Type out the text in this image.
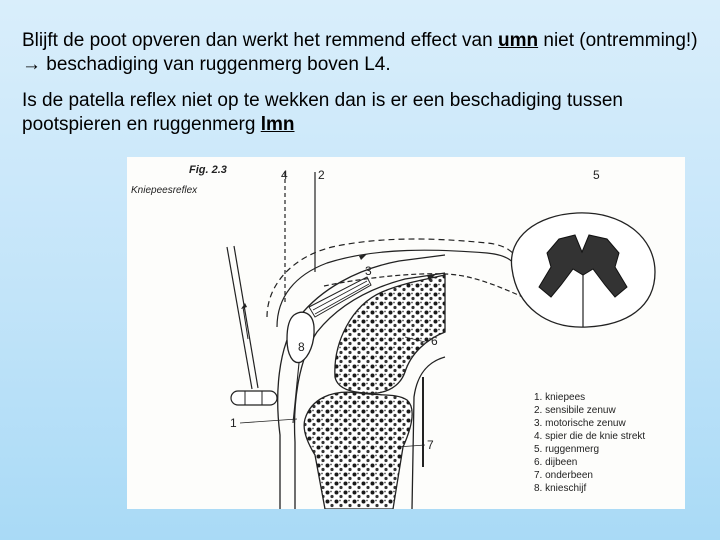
Blijft de poot opveren dan werkt het remmend effect van umn niet (ontremming!) → beschadiging van ruggenmerg boven L4.
Is de patella reflex niet op te wekken dan is er een beschadiging tussen pootspieren en ruggenmerg lmn
Fig. 2.3
Kniepeesreflex
4	2	5
3
8	6
1
7
1. kniepees
2. sensibile zenuw
3. motorische zenuw
4. spier die de knie strekt
5. ruggenmerg
6. dijbeen
7. onderbeen
8. knieschijf
